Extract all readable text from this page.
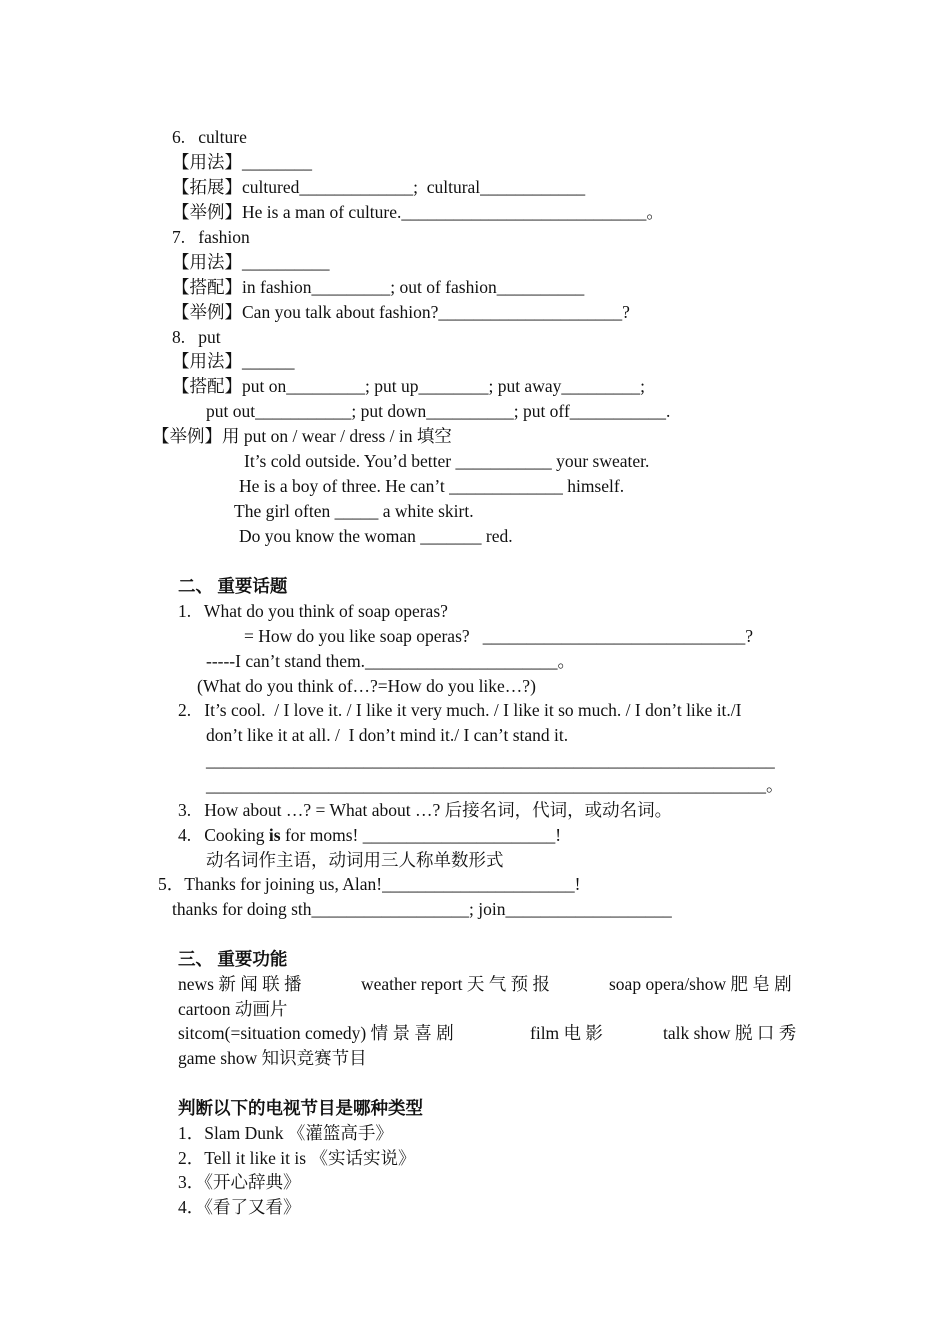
6.   culture
【用法】________
【拓展】cultured_____________;  cultural____________
【举例】He is a man of culture.____________________________。
7.   fashion
【用法】__________
【搭配】in fashion_________; out of fashion__________
【举例】Can you talk about fashion?_____________________?
8.   put
【用法】______
【搭配】put on_________; put up________; put away_________;
put out___________; put down__________; put off___________.
【举例】用 put on / wear / dress / in 填空
It’s cold outside. You’d better ___________ your sweater.
He is a boy of three. He can’t _____________ himself.
The girl often _____ a white skirt.
Do you know the woman _______ red.
二、 重要话题
1.   What do you think of soap operas?
= How do you like soap operas?   ______________________________?
-----I can’t stand them.______________________。
(What do you think of…?=How do you like…?)
2.   It’s cool.  / I love it. / I like it very much. / I like it so much. / I don’t like it./I
don’t like it at all. /  I don’t mind it./ I can’t stand it.
_________________________________________________________________
________________________________________________________________。
3.   How about …? = What about …? 后接名词，代词，或动名词。
4.   Cooking is for moms! ______________________!
动名词作主语，动词用三人称单数形式
5．Thanks for joining us, Alan!______________________!
thanks for doing sth__________________; join___________________
三、 重要功能
news 新 闻 联 播	weather report 天 气 预 报	soap opera/show 肥 皂 剧
cartoon 动画片
sitcom(=situation comedy) 情 景 喜 剧	film 电 影	talk show 脱 口 秀
game show 知识竞赛节目
判断以下的电视节目是哪种类型
1．Slam Dunk 《灌篮高手》
2．Tell it like it is 《实话实说》
3．《开心辞典》
4．《看了又看》
